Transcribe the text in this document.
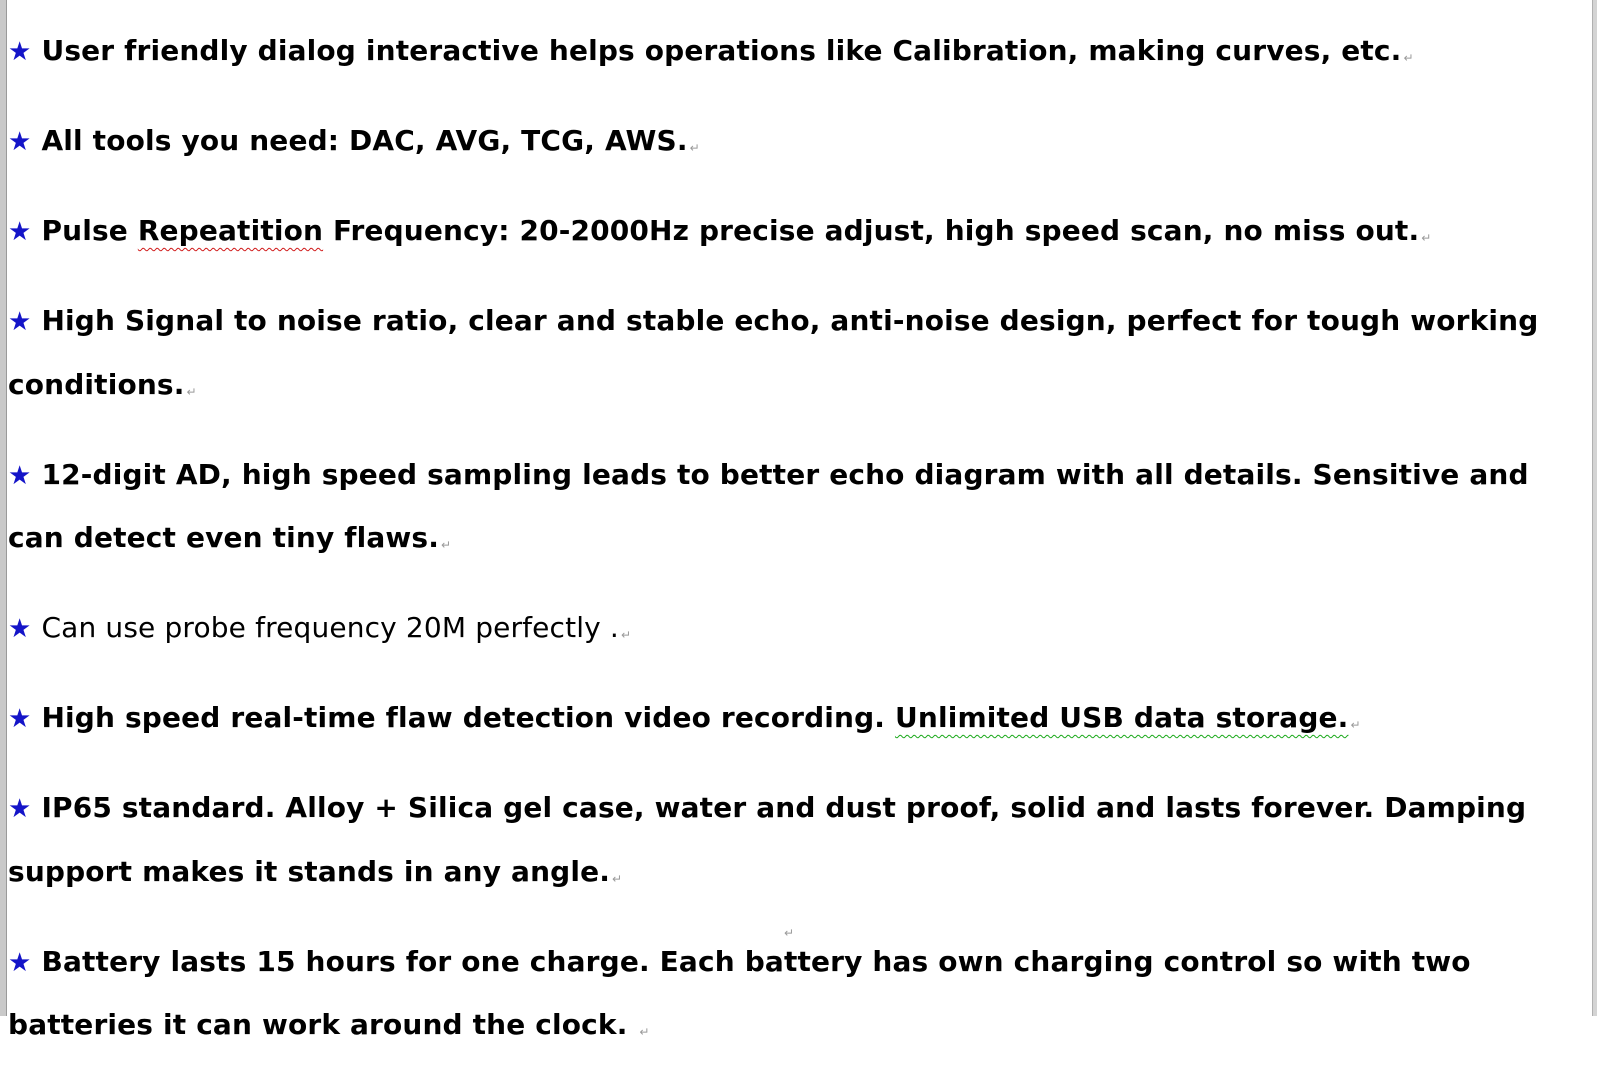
★ User friendly dialog interactive helps operations like Calibration, making curves, etc. ↵

★ All tools you need: DAC, AVG, TCG, AWS. ↵

★ Pulse Repeatition Frequency: 20-2000Hz precise adjust, high speed scan, no miss out. ↵

★ High Signal to noise ratio, clear and stable echo, anti-noise design, perfect for tough working conditions. ↵

★ 12-digit AD, high speed sampling leads to better echo diagram with all details. Sensitive and can detect even tiny flaws. ↵

★ Can use probe frequency 20M perfectly . ↵

★ High speed real-time flaw detection video recording. Unlimited USB data storage. ↵

★ IP65 standard. Alloy + Silica gel case, water and dust proof, solid and lasts forever. Damping support makes it stands in any angle. ↵

★ Battery lasts 15 hours for one charge. Each battery has own charging control so with two batteries it can work around the clock. ↵

↵
